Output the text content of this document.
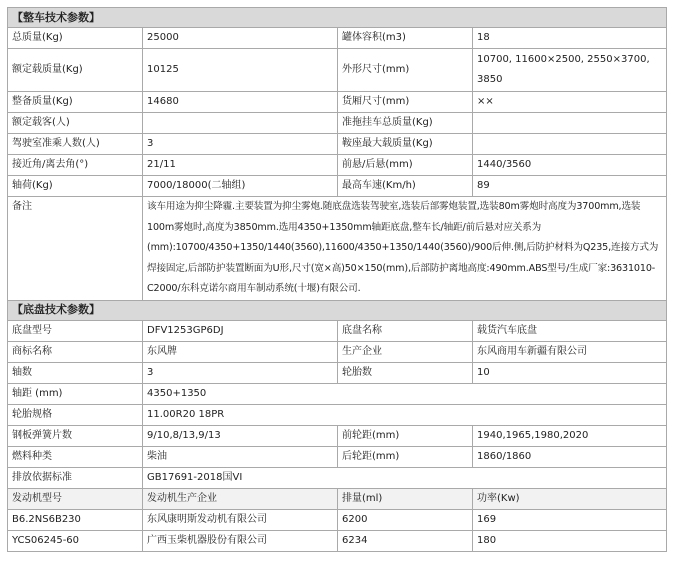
【整车技术参数】			
总质量(Kg)	25000	罐体容积(m3)	18
额定载质量(Kg)	10125	外形尺寸(mm)	10700, 11600×2500, 2550×3700, 3850
整备质量(Kg)	14680	货厢尺寸(mm)	××
额定载客(人)		准拖挂车总质量(Kg)	
驾驶室准乘人数(人)	3	鞍座最大载质量(Kg)	
接近角/离去角(°)	21/11	前悬/后悬(mm)	1440/3560
轴荷(Kg)	7000/18000(二轴组)	最高车速(Km/h)	89
备注	该车用途为抑尘降霾.主要装置为抑尘雾炮.随底盘选装驾驶室,选装后部雾炮装置,选装80m雾炮时高度为3700mm,选装100m雾炮时,高度为3850mm.选用4350+1350mm轴距底盘,整车长/轴距/前后悬对应关系为(mm):10700/4350+1350/1440(3560),11600/4350+1350/1440(3560)/900后伸.侧,后防护材料为Q235,连接方式为焊接固定,后部防护装置断面为U形,尺寸(宽×高)50×150(mm),后部防护离地高度:490mm.ABS型号/生成厂家:3631010-C2000/东科克诺尔商用车制动系统(十堰)有限公司.		
【底盘技术参数】			
底盘型号	DFV1253GP6DJ	底盘名称	载货汽车底盘
商标名称	东风牌	生产企业	东风商用车新疆有限公司
轴数	3	轮胎数	10
轴距 (mm)	4350+1350		
轮胎规格	11.00R20 18PR		
钢板弹簧片数	9/10,8/13,9/13	前轮距(mm)	1940,1965,1980,2020
燃料种类	柴油	后轮距(mm)	1860/1860
排放依据标准	GB17691-2018国VI		
发动机型号	发动机生产企业	排量(ml)	功率(Kw)
B6.2NS6B230	东风康明斯发动机有限公司	6200	169
YCS06245-60	广西玉柴机器股份有限公司	6234	180
